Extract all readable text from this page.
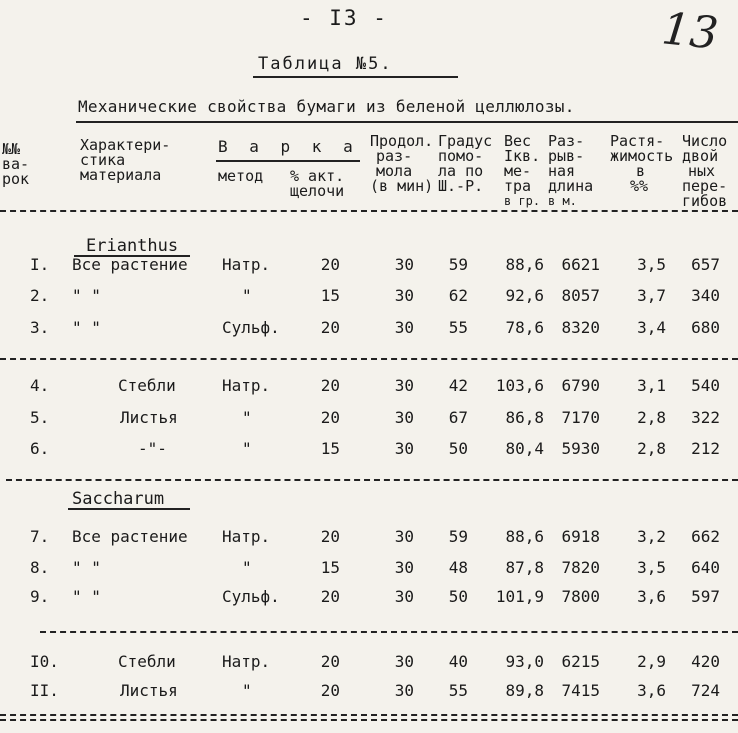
- I3 -	13
Таблица №5.
Механические свойства бумаги из беленой целлюлозы.
№№
ва-
рок
Характери-
стика
материала
В а р к а
метод % акт.
щелочи
Продол.
раз-
мола
(в мин)
Градус
помо-
ла по
Ш.-Р.
Вес
Iкв.
ме-
тра
в гр.
Раз-
рыв-
ная
длина
в м.
Растя-
жимость
в
%%
Число
двой
ных
пере-
гибов
Erianthus
Saccharum
I.	Все растение	Натр.	20	30	59	88,6	6621	3,5	657
2.	" "	"	15	30	62	92,6	8057	3,7	340
3.	" "	Сульф.	20	30	55	78,6	8320	3,4	680
4.	Стебли	Натр.	20	30	42	103,6	6790	3,1	540
5.	Листья	"	20	30	67	86,8	7170	2,8	322
6.	-"-	"	15	30	50	80,4	5930	2,8	212
7.	Все растение	Натр.	20	30	59	88,6	6918	3,2	662
8.	" "	"	15	30	48	87,8	7820	3,5	640
9.	" "	Сульф.	20	30	50	101,9	7800	3,6	597
I0.	Стебли	Натр.	20	30	40	93,0	6215	2,9	420
II.	Листья	"	20	30	55	89,8	7415	3,6	724
